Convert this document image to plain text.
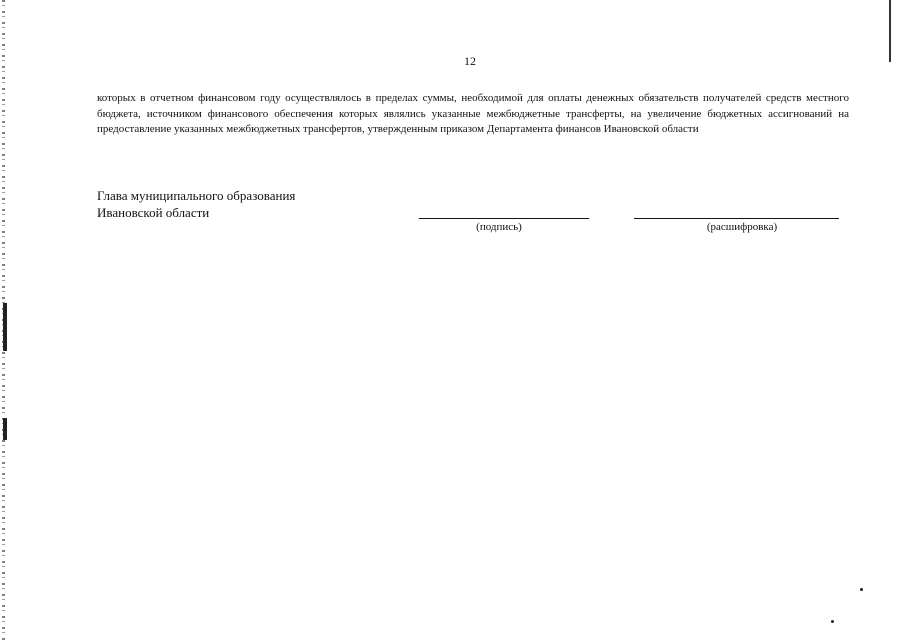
12

которых в отчетном финансовом году осуществлялось в пределах суммы, необходимой для оплаты денежных обязательств получателей средств местного бюджета, источником финансового обеспечения которых являлись указанные межбюджетные трансферты, на увеличение бюджетных ассигнований на предоставление указанных межбюджетных трансфертов, утвержденным приказом Департамента финансов Ивановской области

Глава муниципального образования
Ивановской области
(подпись)	(расшифровка)
